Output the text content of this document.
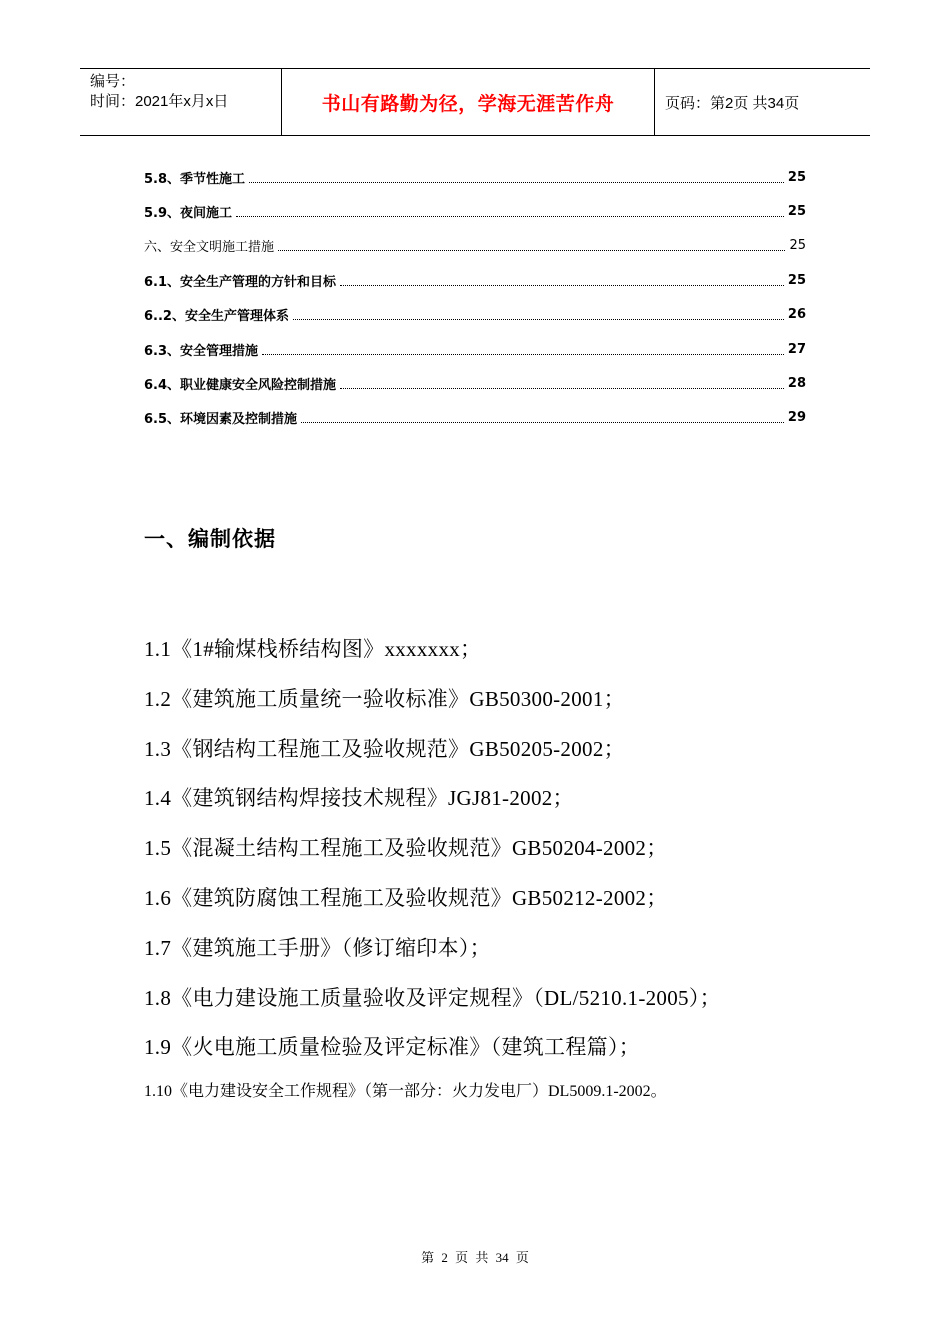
编号：
时间：2021年x月x日	书山有路勤为径，学海无涯苦作舟	页码：第2页 共34页
5.8、季节性施工	25
5.9、夜间施工	25
六、安全文明施工措施	25
6.1、安全生产管理的方针和目标	25
6..2、安全生产管理体系	26
6.3、安全管理措施	27
6.4、职业健康安全风险控制措施	28
6.5、环境因素及控制措施	29
一、编制依据
1.1《1#输煤栈桥结构图》xxxxxxx；
1.2《建筑施工质量统一验收标准》GB50300-2001；
1.3《钢结构工程施工及验收规范》GB50205-2002；
1.4《建筑钢结构焊接技术规程》JGJ81-2002；
1.5《混凝土结构工程施工及验收规范》GB50204-2002；
1.6《建筑防腐蚀工程施工及验收规范》GB50212-2002；
1.7《建筑施工手册》（修订缩印本）；
1.8《电力建设施工质量验收及评定规程》（DL/5210.1-2005）；
1.9《火电施工质量检验及评定标准》（建筑工程篇）；
1.10《电力建设安全工作规程》（第一部分：火力发电厂）DL5009.1-2002。
第 2 页 共 34 页
